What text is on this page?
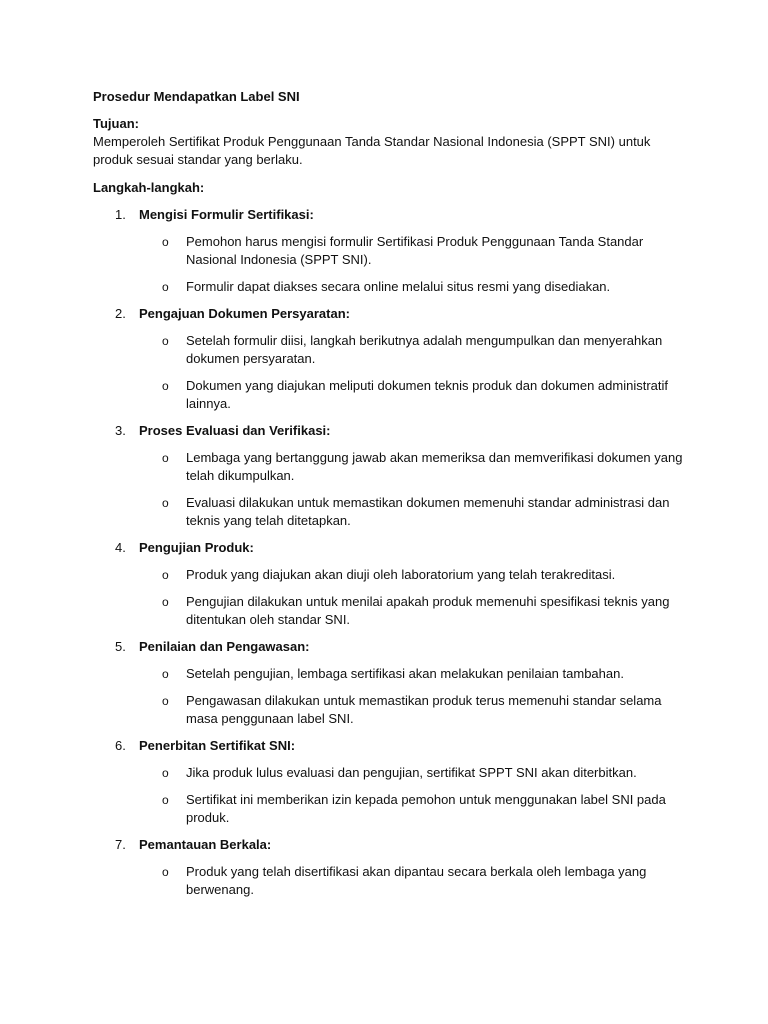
Prosedur Mendapatkan Label SNI

Tujuan:

Memperoleh Sertifikat Produk Penggunaan Tanda Standar Nasional Indonesia (SPPT SNI) untuk produk sesuai standar yang berlaku.

Langkah-langkah:

1.	Mengisi Formulir Sertifikasi:
o Pemohon harus mengisi formulir Sertifikasi Produk Penggunaan Tanda Standar Nasional Indonesia (SPPT SNI).
o Formulir dapat diakses secara online melalui situs resmi yang disediakan.
2.	Pengajuan Dokumen Persyaratan:
o Setelah formulir diisi, langkah berikutnya adalah mengumpulkan dan menyerahkan dokumen persyaratan.
o Dokumen yang diajukan meliputi dokumen teknis produk dan dokumen administratif lainnya.
3.	Proses Evaluasi dan Verifikasi:
o Lembaga yang bertanggung jawab akan memeriksa dan memverifikasi dokumen yang telah dikumpulkan.
o Evaluasi dilakukan untuk memastikan dokumen memenuhi standar administrasi dan teknis yang telah ditetapkan.
4.	Pengujian Produk:
o Produk yang diajukan akan diuji oleh laboratorium yang telah terakreditasi.
o Pengujian dilakukan untuk menilai apakah produk memenuhi spesifikasi teknis yang ditentukan oleh standar SNI.
5.	Penilaian dan Pengawasan:
o Setelah pengujian, lembaga sertifikasi akan melakukan penilaian tambahan.
o Pengawasan dilakukan untuk memastikan produk terus memenuhi standar selama masa penggunaan label SNI.
6.	Penerbitan Sertifikat SNI:
o Jika produk lulus evaluasi dan pengujian, sertifikat SPPT SNI akan diterbitkan.
o Sertifikat ini memberikan izin kepada pemohon untuk menggunakan label SNI pada produk.
7.	Pemantauan Berkala:
o Produk yang telah disertifikasi akan dipantau secara berkala oleh lembaga yang berwenang.
